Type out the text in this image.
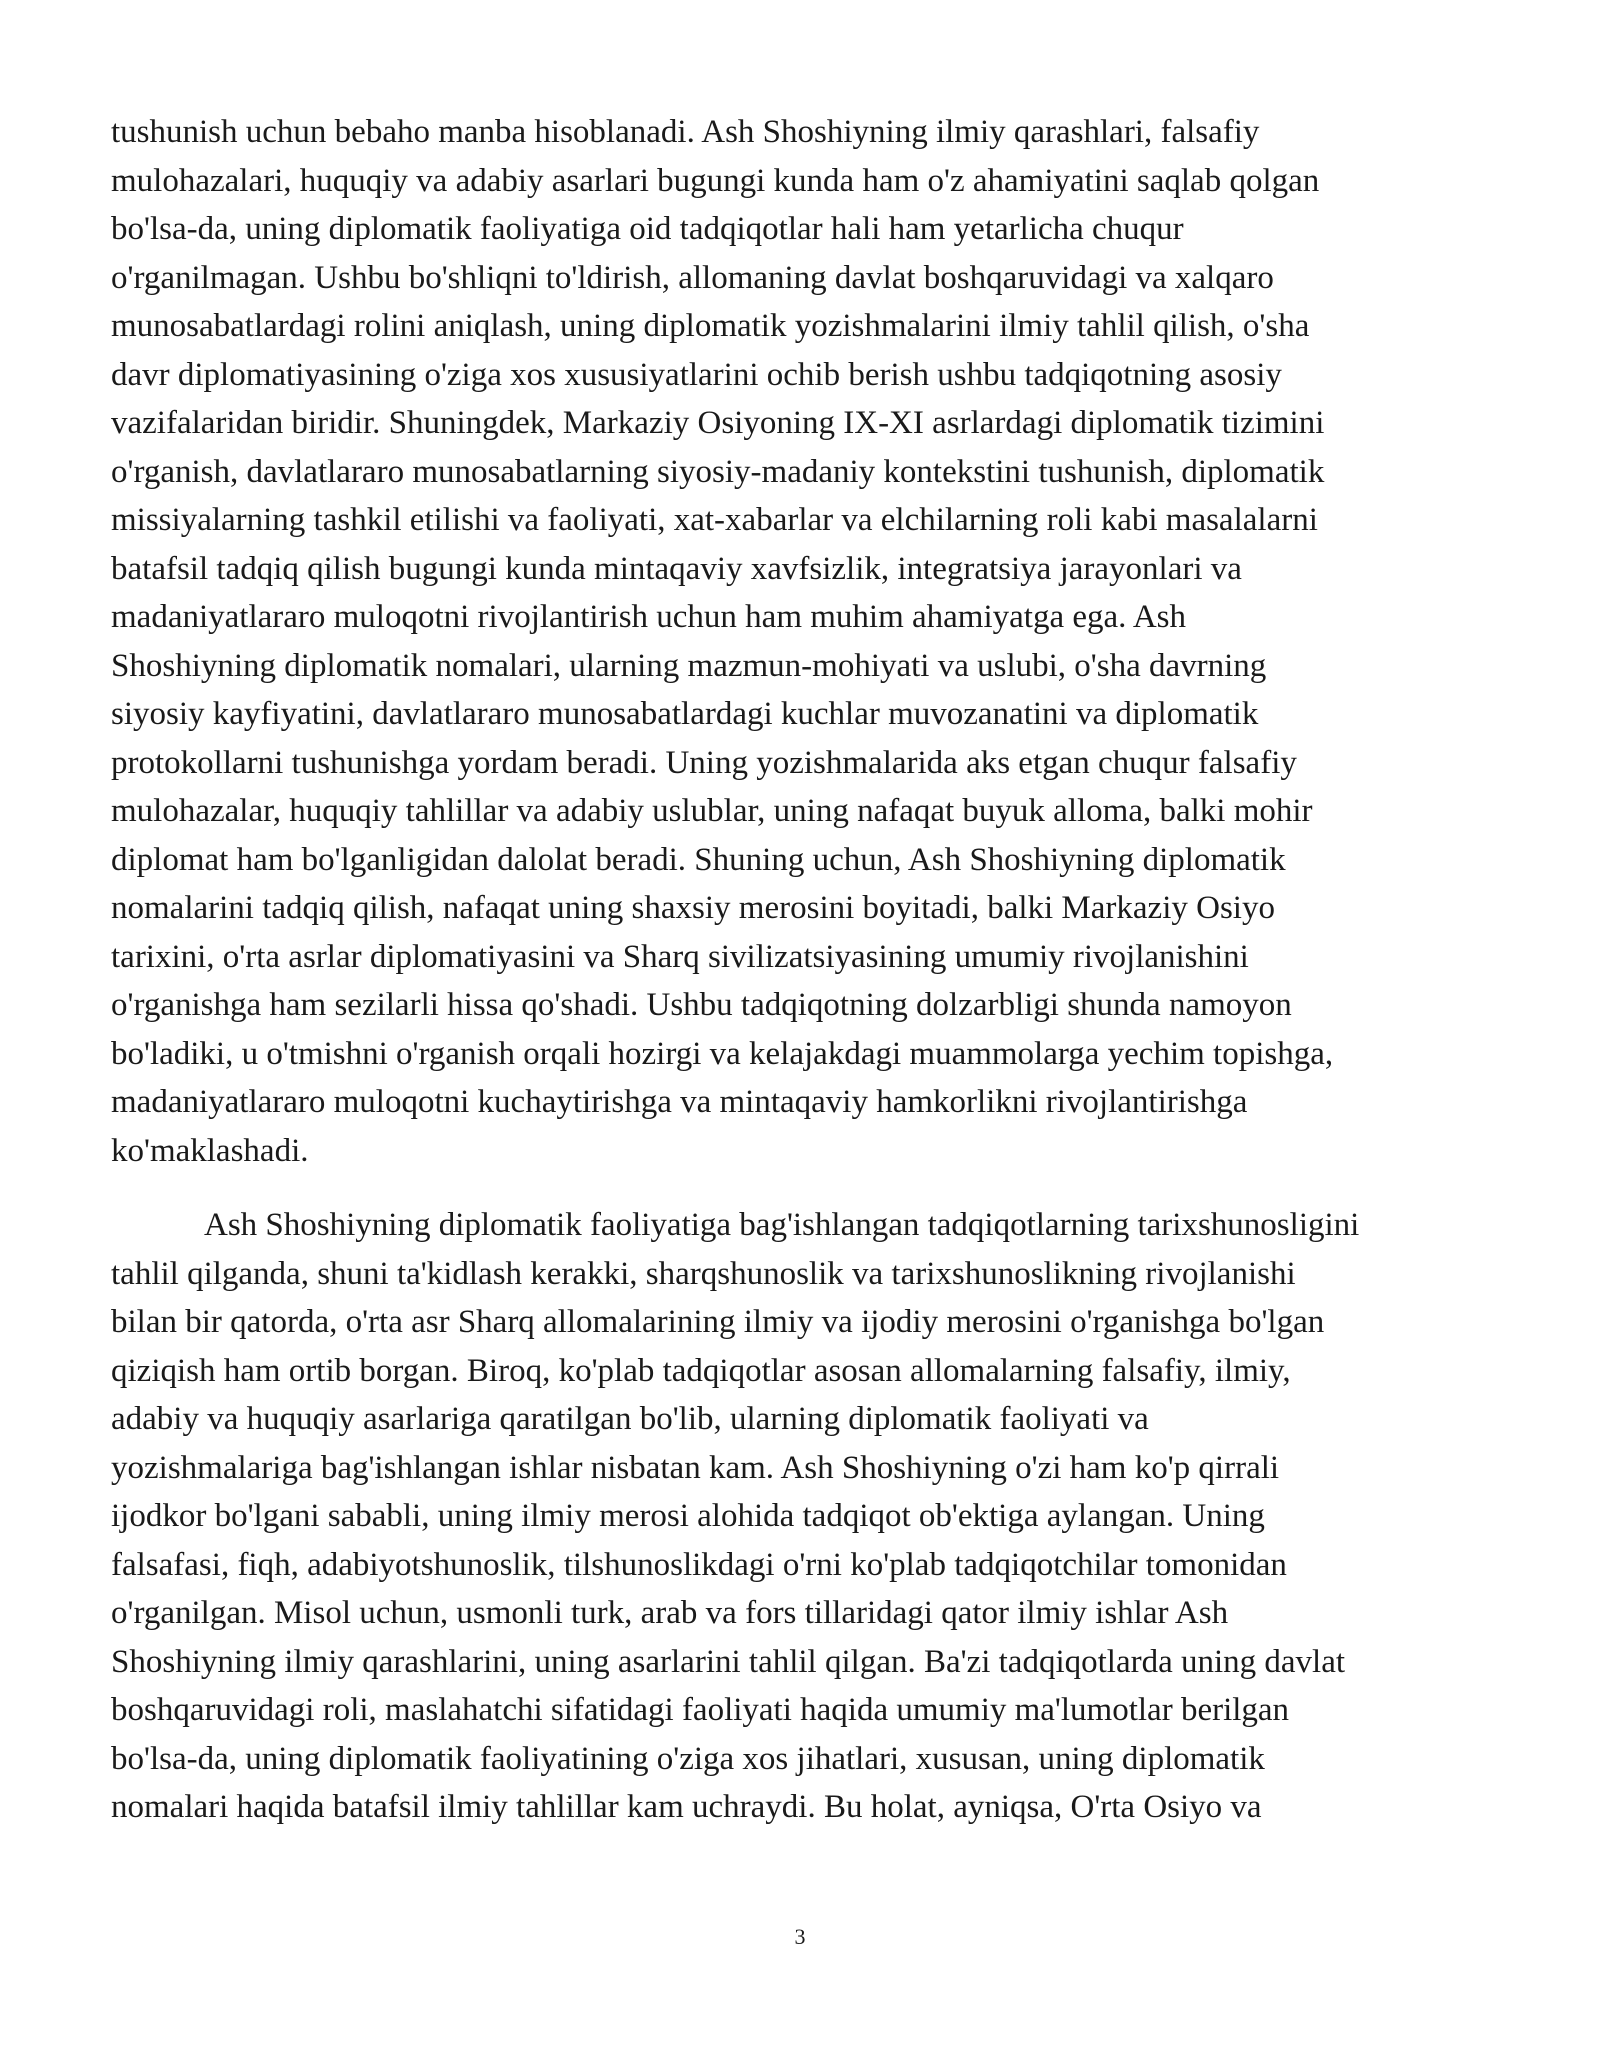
tushunish uchun bebaho manba hisoblanadi. Ash Shoshiyning ilmiy qarashlari, falsafiy
mulohazalari, huquqiy va adabiy asarlari bugungi kunda ham o'z ahamiyatini saqlab qolgan
bo'lsa-da, uning diplomatik faoliyatiga oid tadqiqotlar hali ham yetarlicha chuqur
o'rganilmagan. Ushbu bo'shliqni to'ldirish, allomaning davlat boshqaruvidagi va xalqaro
munosabatlardagi rolini aniqlash, uning diplomatik yozishmalarini ilmiy tahlil qilish, o'sha
davr diplomatiyasining o'ziga xos xususiyatlarini ochib berish ushbu tadqiqotning asosiy
vazifalaridan biridir. Shuningdek, Markaziy Osiyoning IX-XI asrlardagi diplomatik tizimini
o'rganish, davlatlararo munosabatlarning siyosiy-madaniy kontekstini tushunish, diplomatik
missiyalarning tashkil etilishi va faoliyati, xat-xabarlar va elchilarning roli kabi masalalarni
batafsil tadqiq qilish bugungi kunda mintaqaviy xavfsizlik, integratsiya jarayonlari va
madaniyatlararo muloqotni rivojlantirish uchun ham muhim ahamiyatga ega. Ash
Shoshiyning diplomatik nomalari, ularning mazmun-mohiyati va uslubi, o'sha davrning
siyosiy kayfiyatini, davlatlararo munosabatlardagi kuchlar muvozanatini va diplomatik
protokollarni tushunishga yordam beradi. Uning yozishmalarida aks etgan chuqur falsafiy
mulohazalar, huquqiy tahlillar va adabiy uslublar, uning nafaqat buyuk alloma, balki mohir
diplomat ham bo'lganligidan dalolat beradi. Shuning uchun, Ash Shoshiyning diplomatik
nomalarini tadqiq qilish, nafaqat uning shaxsiy merosini boyitadi, balki Markaziy Osiyo
tarixini, o'rta asrlar diplomatiyasini va Sharq sivilizatsiyasining umumiy rivojlanishini
o'rganishga ham sezilarli hissa qo'shadi. Ushbu tadqiqotning dolzarbligi shunda namoyon
bo'ladiki, u o'tmishni o'rganish orqali hozirgi va kelajakdagi muammolarga yechim topishga,
madaniyatlararo muloqotni kuchaytirishga va mintaqaviy hamkorlikni rivojlantirishga
ko'maklashadi.
Ash Shoshiyning diplomatik faoliyatiga bag'ishlangan tadqiqotlarning tarixshunosligini
tahlil qilganda, shuni ta'kidlash kerakki, sharqshunoslik va tarixshunoslikning rivojlanishi
bilan bir qatorda, o'rta asr Sharq allomalarining ilmiy va ijodiy merosini o'rganishga bo'lgan
qiziqish ham ortib borgan. Biroq, ko'plab tadqiqotlar asosan allomalarning falsafiy, ilmiy,
adabiy va huquqiy asarlariga qaratilgan bo'lib, ularning diplomatik faoliyati va
yozishmalariga bag'ishlangan ishlar nisbatan kam. Ash Shoshiyning o'zi ham ko'p qirrali
ijodkor bo'lgani sababli, uning ilmiy merosi alohida tadqiqot ob'ektiga aylangan. Uning
falsafasi, fiqh, adabiyotshunoslik, tilshunoslikdagi o'rni ko'plab tadqiqotchilar tomonidan
o'rganilgan. Misol uchun, usmonli turk, arab va fors tillaridagi qator ilmiy ishlar Ash
Shoshiyning ilmiy qarashlarini, uning asarlarini tahlil qilgan. Ba'zi tadqiqotlarda uning davlat
boshqaruvidagi roli, maslahatchi sifatidagi faoliyati haqida umumiy ma'lumotlar berilgan
bo'lsa-da, uning diplomatik faoliyatining o'ziga xos jihatlari, xususan, uning diplomatik
nomalari haqida batafsil ilmiy tahlillar kam uchraydi. Bu holat, ayniqsa, O'rta Osiyo va
3
